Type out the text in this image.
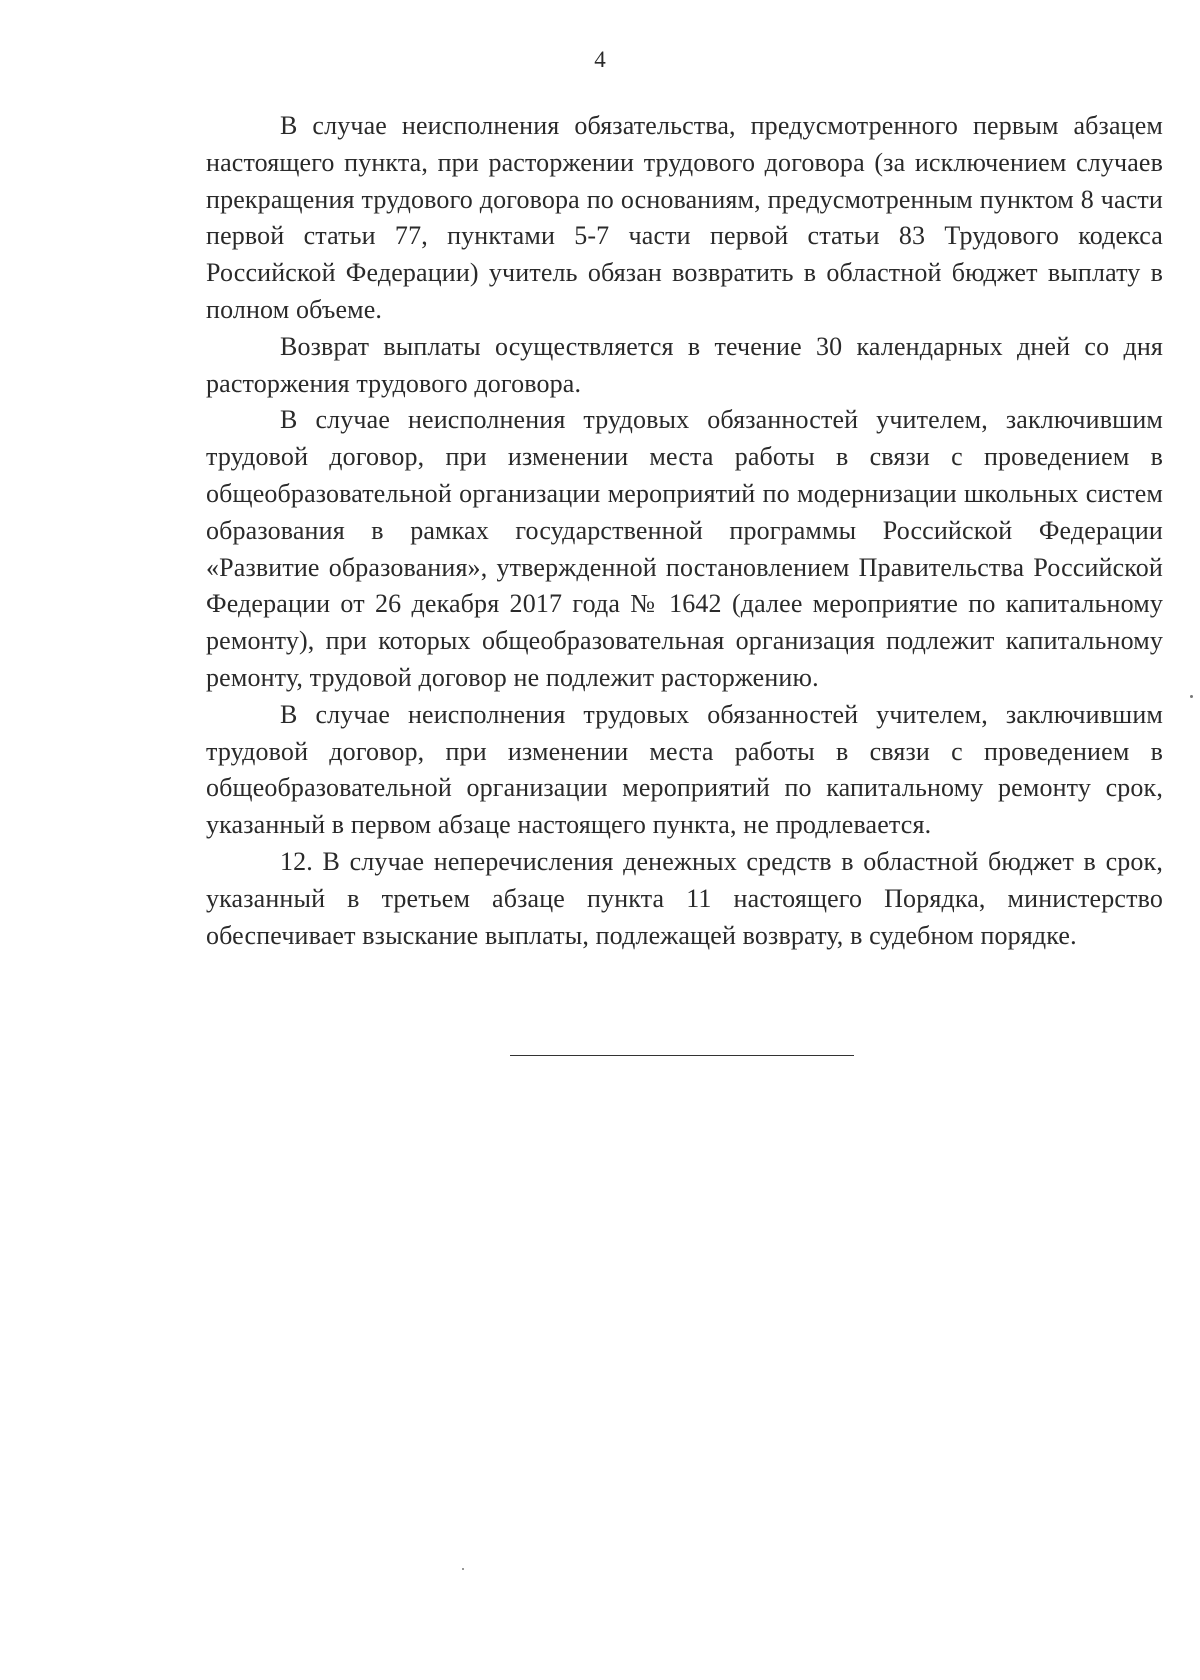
4

В случае неисполнения обязательства, предусмотренного первым абзацем настоящего пункта, при расторжении трудового договора (за исключением случаев прекращения трудового договора по основаниям, предусмотренным пунктом 8 части первой статьи 77, пунктами 5-7 части первой статьи 83 Трудового кодекса Российской Федерации) учитель обязан возвратить в областной бюджет выплату в полном объеме.

Возврат выплаты осуществляется в течение 30 календарных дней со дня расторжения трудового договора.

В случае неисполнения трудовых обязанностей учителем, заключившим трудовой договор, при изменении места работы в связи с проведением в общеобразовательной организации мероприятий по модернизации школьных систем образования в рамках государственной программы Российской Федерации «Развитие образования», утвержденной постановлением Правительства Российской Федерации от 26 декабря 2017 года № 1642 (далее мероприятие по капитальному ремонту), при которых общеобразовательная организация подлежит капитальному ремонту, трудовой договор не подлежит расторжению.

В случае неисполнения трудовых обязанностей учителем, заключившим трудовой договор, при изменении места работы в связи с проведением в общеобразовательной организации мероприятий по капитальному ремонту срок, указанный в первом абзаце настоящего пункта, не продлевается.

12. В случае неперечисления денежных средств в областной бюджет в срок, указанный в третьем абзаце пункта 11 настоящего Порядка, министерство обеспечивает взыскание выплаты, подлежащей возврату, в судебном порядке.
